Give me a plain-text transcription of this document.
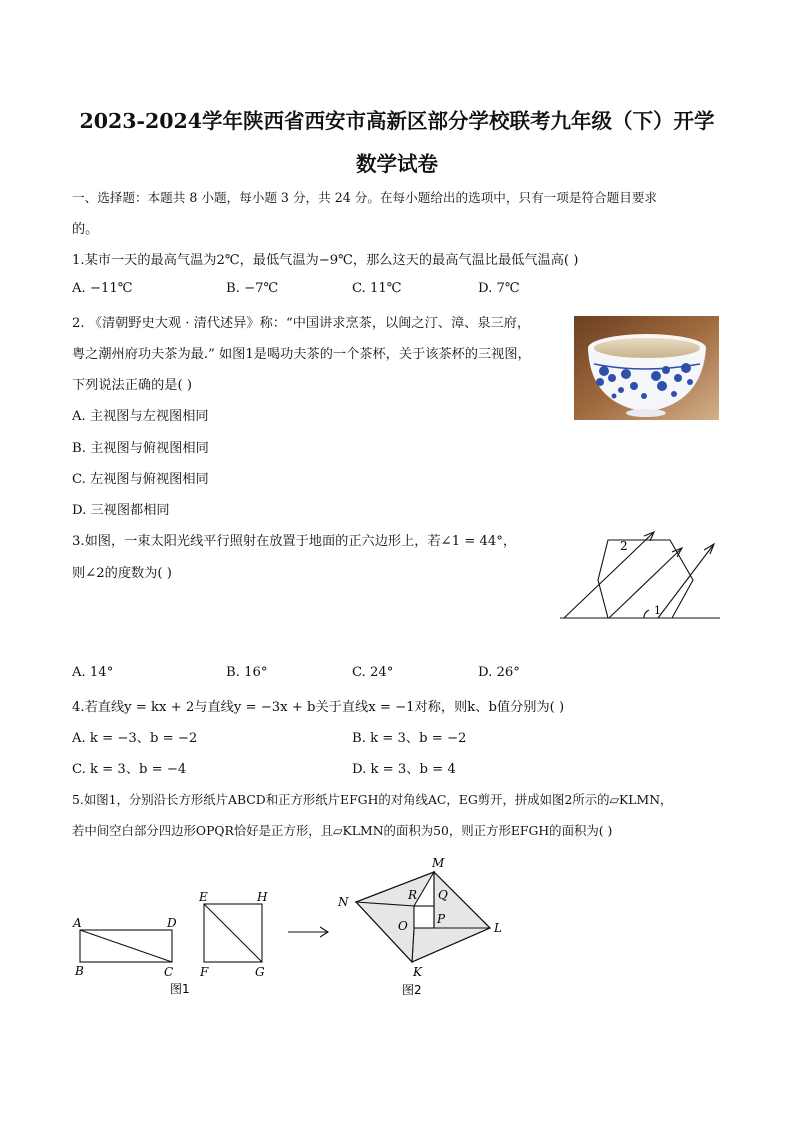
2023-2024学年陕西省西安市高新区部分学校联考九年级（下）开学
数学试卷
一、选择题：本题共 8 小题，每小题 3 分，共 24 分。在每小题给出的选项中，只有一项是符合题目要求
的。
1.某市一天的最高气温为2℃，最低气温为−9℃，那么这天的最高气温比最低气温高( )
A. −11℃	B. −7℃	C. 11℃	D. 7℃
2. 《清朝野史大观 · 清代述异》称：“中国讲求烹茶，以闽之汀、漳、泉三府，
粤之潮州府功夫茶为最.” 如图1是喝功夫茶的一个茶杯，关于该茶杯的三视图，
下列说法正确的是( )
A. 主视图与左视图相同
B. 主视图与俯视图相同
C. 左视图与俯视图相同
D. 三视图都相同
3.如图，一束太阳光线平行照射在放置于地面的正六边形上，若∠1 = 44°，
则∠2的度数为( )
2
1
A. 14°	B. 16°	C. 24°	D. 26°
4.若直线y = kx + 2与直线y = −3x + b关于直线x = −1对称，则k、b值分别为( )
A. k = −3、b = −2	B. k = 3、b = −2
C. k = 3、b = −4	D. k = 3、b = 4
5.如图1，分别沿长方形纸片ABCD和正方形纸片EFGH的对角线AC，EG剪开，拼成如图2所示的▱KLMN，
若中间空白部分四边形OPQR恰好是正方形，且▱KLMN的面积为50，则正方形EFGH的面积为( )
A	D
B	C
E	H
F	G
图1
M
N	R Q
O P
L
K
图2
